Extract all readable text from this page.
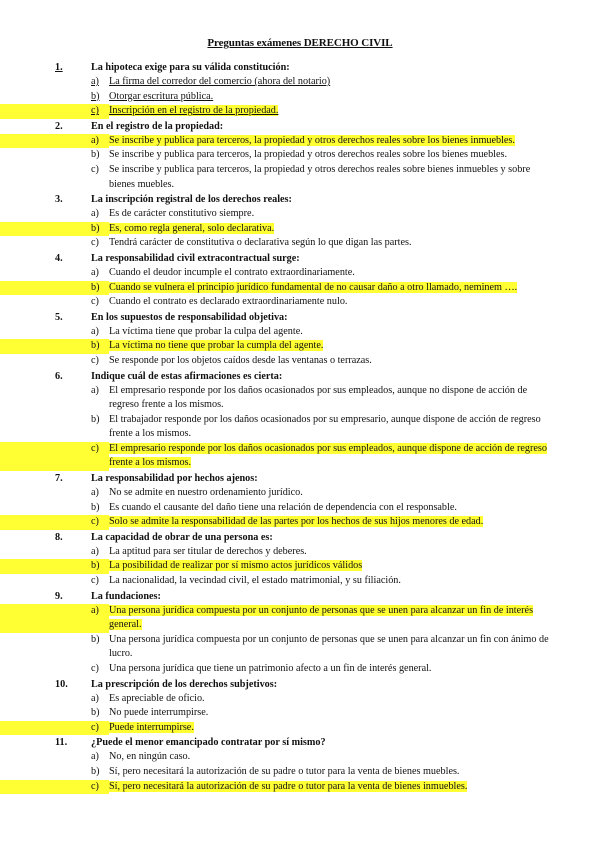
Preguntas exámenes DERECHO CIVIL
1.	La hipoteca exige para su válida constitución:
a) La firma del corredor del comercio (ahora del notario)
b) Otorgar escritura pública.
c) Inscripción en el registro de la propiedad.
2.	En el registro de la propiedad:
a) Se inscribe y publica para terceros, la propiedad y otros derechos reales sobre los bienes inmuebles.
b) Se inscribe y publica para terceros, la propiedad y otros derechos reales sobre los bienes muebles.
c) Se inscribe y publica para terceros, la propiedad y otros derechos reales sobre bienes inmuebles y sobre bienes muebles.
3.	La inscripción registral de los derechos reales:
a) Es de carácter constitutivo siempre.
b) Es, como regla general, solo declarativa.
c) Tendrá carácter de constitutiva o declarativa según lo que digan las partes.
4.	La responsabilidad civil extracontractual surge:
a) Cuando el deudor incumple el contrato extraordinariamente.
b) Cuando se vulnera el principio jurídico fundamental de no causar daño a otro llamado, neminem ….
c) Cuando el contrato es declarado extraordinariamente nulo.
5.	En los supuestos de responsabilidad objetiva:
a) La víctima tiene que probar la culpa del agente.
b) La víctima no tiene que probar la cumpla del agente.
c) Se responde por los objetos caídos desde las ventanas o terrazas.
6.	Indique cuál de estas afirmaciones es cierta:
a) El empresario responde por los daños ocasionados por sus empleados, aunque no dispone de acción de regreso frente a los mismos.
b) El trabajador responde por los daños ocasionados por su empresario, aunque dispone de acción de regreso frente a los mismos.
c) El empresario responde por los daños ocasionados por sus empleados, aunque dispone de acción de regreso frente a los mismos.
7.	La responsabilidad por hechos ajenos:
a) No se admite en nuestro ordenamiento jurídico.
b) Es cuando el causante del daño tiene una relación de dependencia con el responsable.
c) Solo se admite la responsabilidad de las partes por los hechos de sus hijos menores de edad.
8.	La capacidad de obrar de una persona es:
a) La aptitud para ser titular de derechos y deberes.
b) La posibilidad de realizar por sí mismo actos jurídicos válidos
c) La nacionalidad, la vecindad civil, el estado matrimonial, y su filiación.
9.	La fundaciones:
a) Una persona jurídica compuesta por un conjunto de personas que se unen para alcanzar un fin de interés general.
b) Una persona jurídica compuesta por un conjunto de personas que se unen para alcanzar un fin con ánimo de lucro.
c) Una persona jurídica que tiene un patrimonio afecto a un fin de interés general.
10.	La prescripción de los derechos subjetivos:
a) Es apreciable de oficio.
b) No puede interrumpirse.
c) Puede interrumpirse.
11.	¿Puede el menor emancipado contratar por sí mismo?
a) No, en ningún caso.
b) Sí, pero necesitará la autorización de su padre o tutor para la venta de bienes muebles.
c) Sí, pero necesitará la autorización de su padre o tutor para la venta de bienes inmuebles.
